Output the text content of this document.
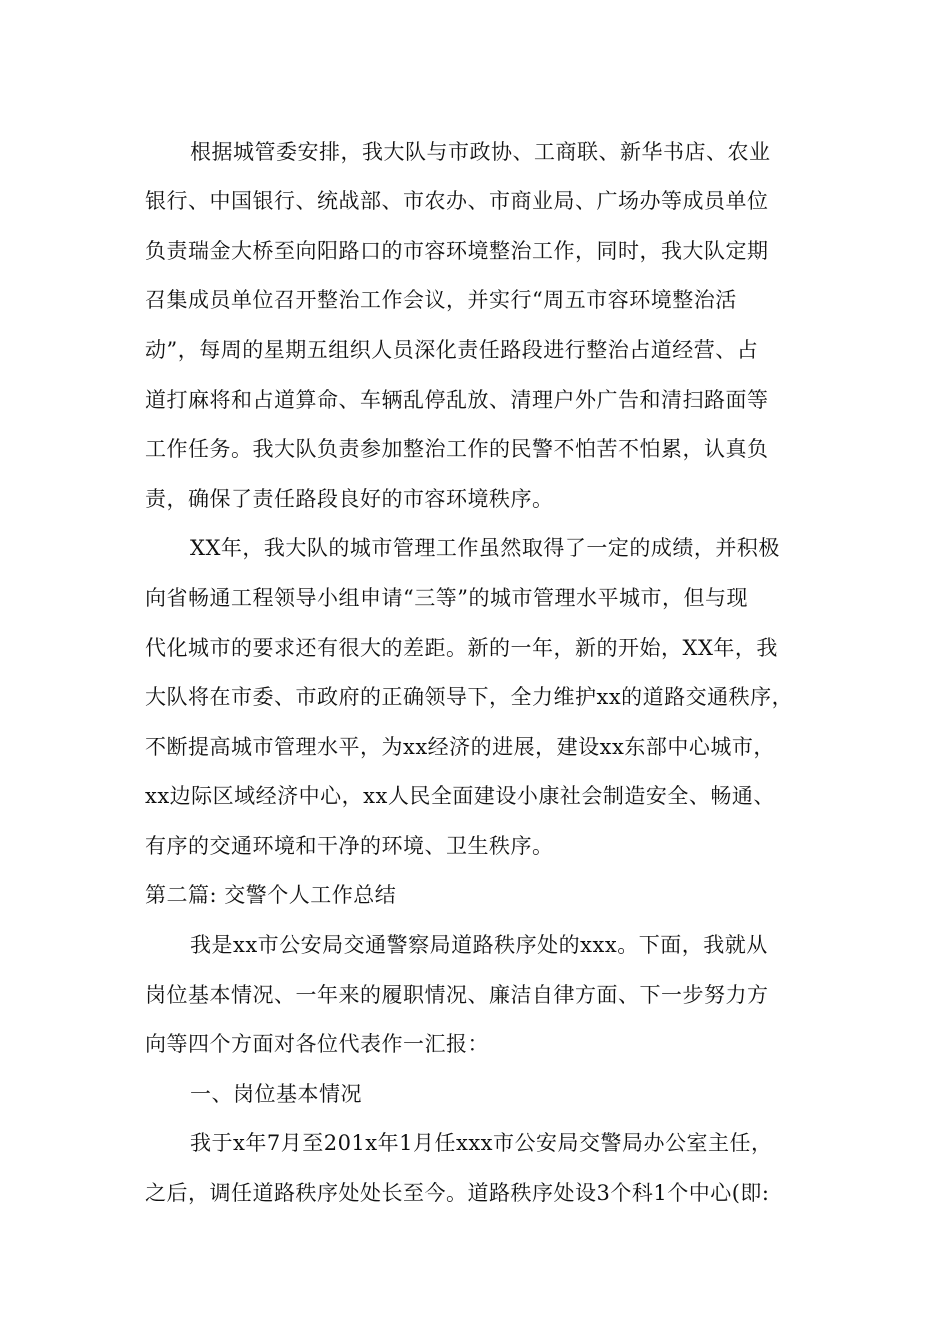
根据城管委安排，我大队与市政协、工商联、新华书店、农业

银行、中国银行、统战部、市农办、市商业局、广场办等成员单位

负责瑞金大桥至向阳路口的市容环境整治工作，同时，我大队定期

召集成员单位召开整治工作会议，并实行“周五市容环境整治活

动”，每周的星期五组织人员深化责任路段进行整治占道经营、占

道打麻将和占道算命、车辆乱停乱放、清理户外广告和清扫路面等

工作任务。我大队负责参加整治工作的民警不怕苦不怕累，认真负

责，确保了责任路段良好的市容环境秩序。

XX年，我大队的城市管理工作虽然取得了一定的成绩，并积极

向省畅通工程领导小组申请“三等”的城市管理水平城市，但与现

代化城市的要求还有很大的差距。新的一年，新的开始，XX年，我

大队将在市委、市政府的正确领导下，全力维护xx的道路交通秩序，

不断提高城市管理水平，为xx经济的进展，建设xx东部中心城市，

xx边际区域经济中心，xx人民全面建设小康社会制造安全、畅通、

有序的交通环境和干净的环境、卫生秩序。

第二篇: 交警个人工作总结

我是xx市公安局交通警察局道路秩序处的xxx。下面，我就从

岗位基本情况、一年来的履职情况、廉洁自律方面、下一步努力方

向等四个方面对各位代表作一汇报：

一、岗位基本情况

我于x年7月至201x年1月任xxx市公安局交警局办公室主任，

之后，调任道路秩序处处长至今。道路秩序处设3个科1个中心(即:
